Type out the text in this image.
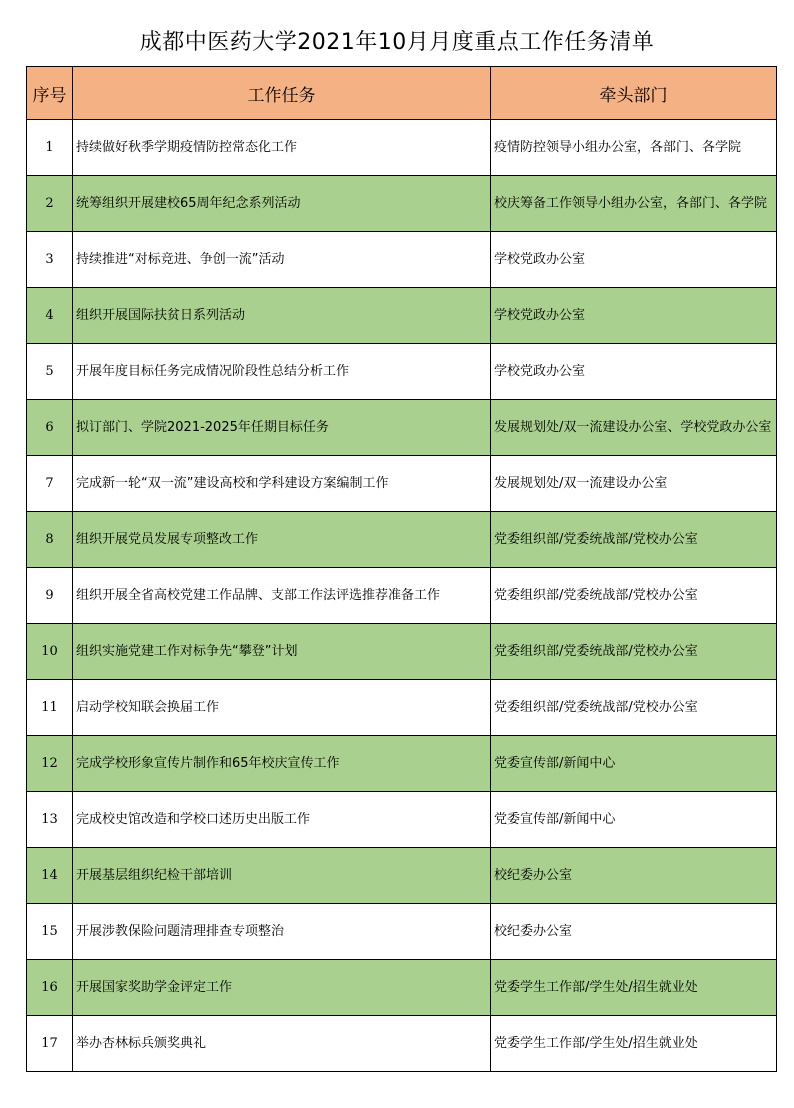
成都中医药大学2021年10月月度重点工作任务清单
序号	工作任务	牵头部门
1	持续做好秋季学期疫情防控常态化工作	疫情防控领导小组办公室，各部门、各学院
2	统筹组织开展建校65周年纪念系列活动	校庆筹备工作领导小组办公室，各部门、各学院
3	持续推进“对标竞进、争创一流”活动	学校党政办公室
4	组织开展国际扶贫日系列活动	学校党政办公室
5	开展年度目标任务完成情况阶段性总结分析工作	学校党政办公室
6	拟订部门、学院2021-2025年任期目标任务	发展规划处/双一流建设办公室、学校党政办公室
7	完成新一轮“双一流”建设高校和学科建设方案编制工作	发展规划处/双一流建设办公室
8	组织开展党员发展专项整改工作	党委组织部/党委统战部/党校办公室
9	组织开展全省高校党建工作品牌、支部工作法评选推荐准备工作	党委组织部/党委统战部/党校办公室
10	组织实施党建工作对标争先“攀登”计划	党委组织部/党委统战部/党校办公室
11	启动学校知联会换届工作	党委组织部/党委统战部/党校办公室
12	完成学校形象宣传片制作和65年校庆宣传工作	党委宣传部/新闻中心
13	完成校史馆改造和学校口述历史出版工作	党委宣传部/新闻中心
14	开展基层组织纪检干部培训	校纪委办公室
15	开展涉教保险问题清理排查专项整治	校纪委办公室
16	开展国家奖助学金评定工作	党委学生工作部/学生处/招生就业处
17	举办杏林标兵颁奖典礼	党委学生工作部/学生处/招生就业处
